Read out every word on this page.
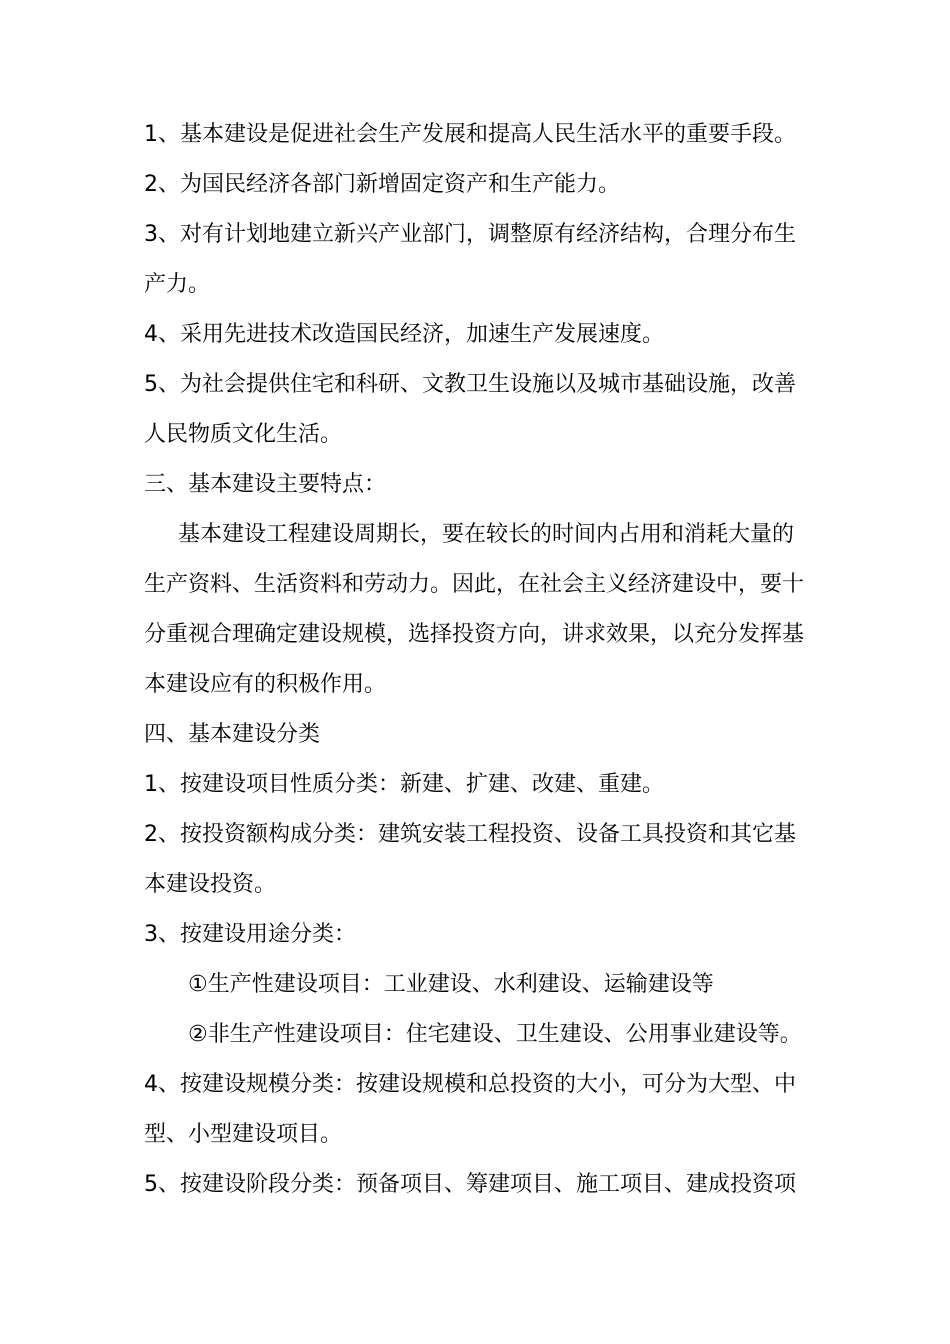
1、基本建设是促进社会生产发展和提高人民生活水平的重要手段。
2、为国民经济各部门新增固定资产和生产能力。
3、对有计划地建立新兴产业部门，调整原有经济结构，合理分布生
产力。
4、采用先进技术改造国民经济，加速生产发展速度。
5、为社会提供住宅和科研、文教卫生设施以及城市基础设施，改善
人民物质文化生活。
三、基本建设主要特点：
基本建设工程建设周期长，要在较长的时间内占用和消耗大量的
生产资料、生活资料和劳动力。因此，在社会主义经济建设中，要十
分重视合理确定建设规模，选择投资方向，讲求效果，以充分发挥基
本建设应有的积极作用。
四、基本建设分类
1、按建设项目性质分类：新建、扩建、改建、重建。
2、按投资额构成分类：建筑安装工程投资、设备工具投资和其它基
本建设投资。
3、按建设用途分类：
①生产性建设项目：工业建设、水利建设、运输建设等
②非生产性建设项目：住宅建设、卫生建设、公用事业建设等。
4、按建设规模分类：按建设规模和总投资的大小，可分为大型、中
型、小型建设项目。
5、按建设阶段分类：预备项目、筹建项目、施工项目、建成投资项
